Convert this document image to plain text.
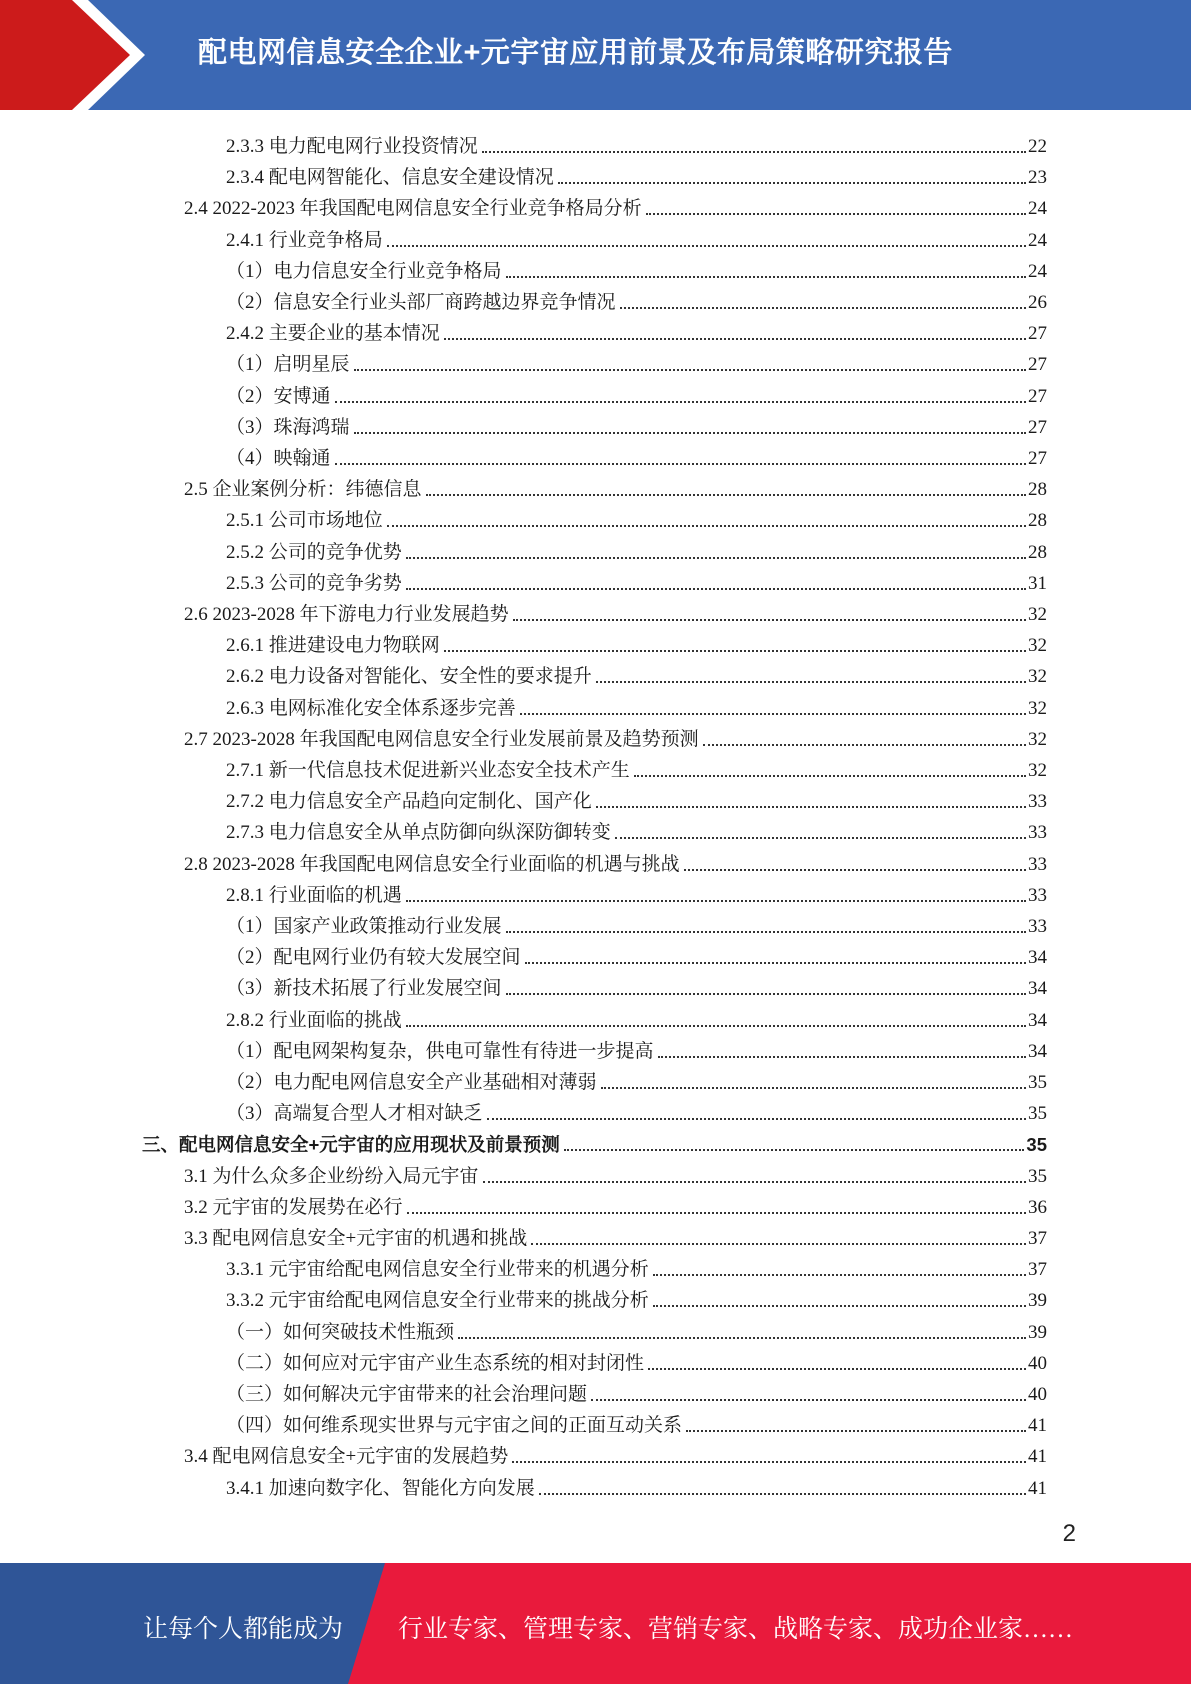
配电网信息安全企业+元宇宙应用前景及布局策略研究报告
2.3.3 电力配电网行业投资情况	22
2.3.4 配电网智能化、信息安全建设情况	23
2.4 2022-2023 年我国配电网信息安全行业竞争格局分析	24
2.4.1 行业竞争格局	24
（1）电力信息安全行业竞争格局	24
（2）信息安全行业头部厂商跨越边界竞争情况	26
2.4.2 主要企业的基本情况	27
（1）启明星辰	27
（2）安博通	27
（3）珠海鸿瑞	27
（4）映翰通	27
2.5 企业案例分析：纬德信息	28
2.5.1 公司市场地位	28
2.5.2 公司的竞争优势	28
2.5.3 公司的竞争劣势	31
2.6 2023-2028 年下游电力行业发展趋势	32
2.6.1 推进建设电力物联网	32
2.6.2 电力设备对智能化、安全性的要求提升	32
2.6.3 电网标准化安全体系逐步完善	32
2.7 2023-2028 年我国配电网信息安全行业发展前景及趋势预测	32
2.7.1 新一代信息技术促进新兴业态安全技术产生	32
2.7.2 电力信息安全产品趋向定制化、国产化	33
2.7.3 电力信息安全从单点防御向纵深防御转变	33
2.8 2023-2028 年我国配电网信息安全行业面临的机遇与挑战	33
2.8.1 行业面临的机遇	33
（1）国家产业政策推动行业发展	33
（2）配电网行业仍有较大发展空间	34
（3）新技术拓展了行业发展空间	34
2.8.2 行业面临的挑战	34
（1）配电网架构复杂，供电可靠性有待进一步提高	34
（2）电力配电网信息安全产业基础相对薄弱	35
（3）高端复合型人才相对缺乏	35
三、配电网信息安全+元宇宙的应用现状及前景预测	35
3.1 为什么众多企业纷纷入局元宇宙	35
3.2 元宇宙的发展势在必行	36
3.3 配电网信息安全+元宇宙的机遇和挑战	37
3.3.1 元宇宙给配电网信息安全行业带来的机遇分析	37
3.3.2 元宇宙给配电网信息安全行业带来的挑战分析	39
（一）如何突破技术性瓶颈	39
（二）如何应对元宇宙产业生态系统的相对封闭性	40
（三）如何解决元宇宙带来的社会治理问题	40
（四）如何维系现实世界与元宇宙之间的正面互动关系	41
3.4 配电网信息安全+元宇宙的发展趋势	41
3.4.1 加速向数字化、智能化方向发展	41
2
让每个人都能成为 行业专家、管理专家、营销专家、战略专家、成功企业家……
